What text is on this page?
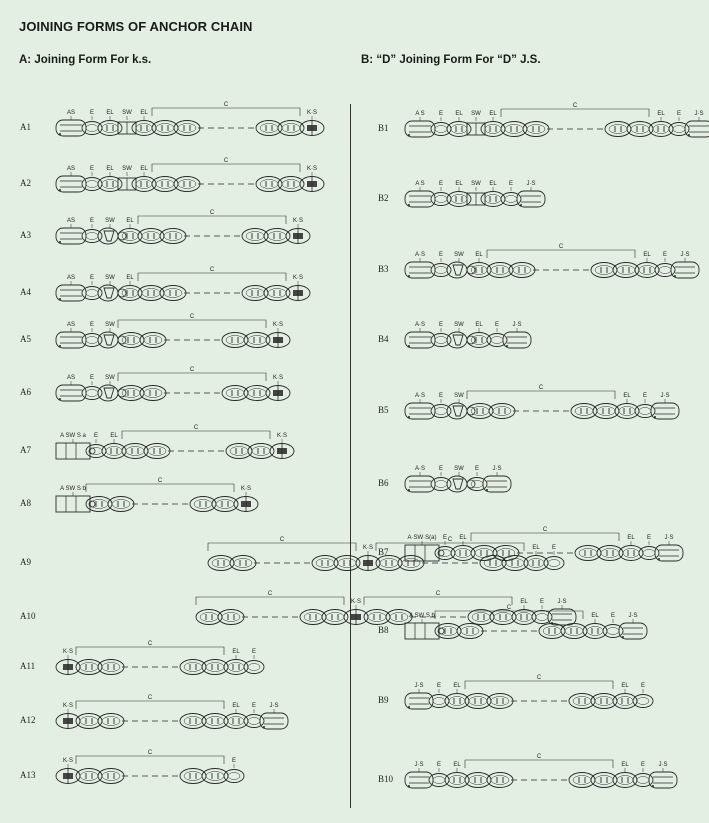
JOINING FORMS OF ANCHOR CHAIN
A: Joining Form For k.s.	B: “D” Joining Form For “D” J.S.
AS E EL SW EL
C
K·S
AS E EL SW EL
C
K·S
AS E SW EL
C
K·S
AS E SW EL
C
K·S
AS E SW
C
K·S
AS E SW
C
K·S
A SW S a E EL
C
K·S
A SW S b
C
K·S
C
K·S
C
EL E
C
K·S
C
EL E J·S
K·S
C
EL E
K·S
C
EL E J·S
K·S
C
E
A S E EL SW EL
C
EL E J·S
A S E EL SW EL E J·S
A·S E SW EL
C
EL E J·S
A·S E SW EL E J·S
A·S E SW
C
EL E J·S
A·S E SW E J·S
A·SW·S(a) E EL
C
EL E J·S
A SW S b
C
EL E J·S
J·S E EL
C
EL E
J·S E EL
C
EL E J·S
A1
A2
A3
A4
A5
A6
A7
A8
A9
A10
A11
A12
A13
B1
B2
B3
B4
B5
B6
B7
B8
B9
B10
